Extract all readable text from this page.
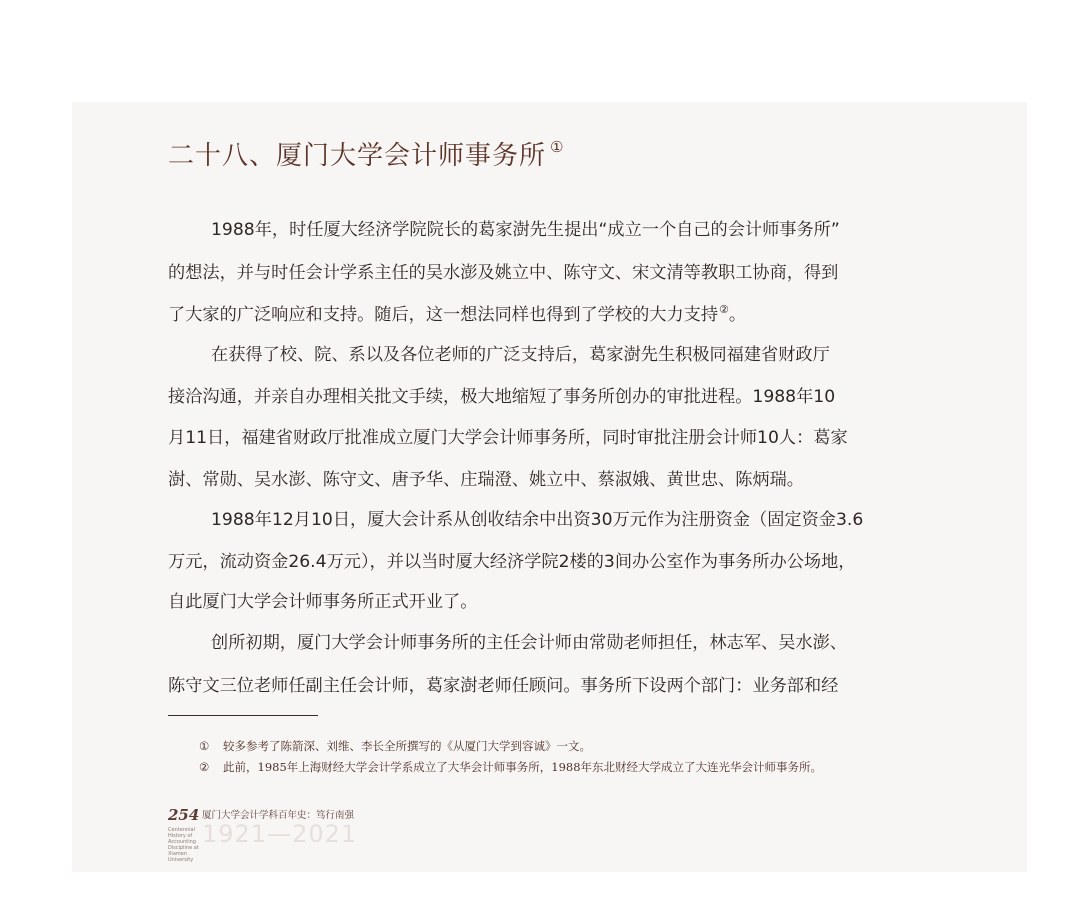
二十八、厦门大学会计师事务所 ①

1988年，时任厦大经济学院院长的葛家澍先生提出“成立一个自己的会计师事务所”

的想法，并与时任会计学系主任的吴水澎及姚立中、陈守文、宋文清等教职工协商，得到

了大家的广泛响应和支持。随后，这一想法同样也得到了学校的大力支持②。

在获得了校、院、系以及各位老师的广泛支持后，葛家澍先生积极同福建省财政厅

接洽沟通，并亲自办理相关批文手续，极大地缩短了事务所创办的审批进程。1988年10

月11日，福建省财政厅批准成立厦门大学会计师事务所，同时审批注册会计师10人：葛家

澍、常勋、吴水澎、陈守文、唐予华、庄瑞澄、姚立中、蔡淑娥、黄世忠、陈炳瑞。

1988年12月10日，厦大会计系从创收结余中出资30万元作为注册资金（固定资金3.6

万元，流动资金26.4万元），并以当时厦大经济学院2楼的3间办公室作为事务所办公场地，

自此厦门大学会计师事务所正式开业了。

创所初期，厦门大学会计师事务所的主任会计师由常勋老师担任，林志军、吴水澎、

陈守文三位老师任副主任会计师，葛家澍老师任顾问。事务所下设两个部门：业务部和经

① 较多参考了陈箭深、刘维、李长全所撰写的《从厦门大学到容诚》一文。
② 此前，1985年上海财经大学会计学系成立了大华会计师事务所，1988年东北财经大学成立了大连光华会计师事务所。
254 厦门大学会计学科百年史：笃行南强
Centennial History of Accounting Discipline at Xiamen University
1921—2021
